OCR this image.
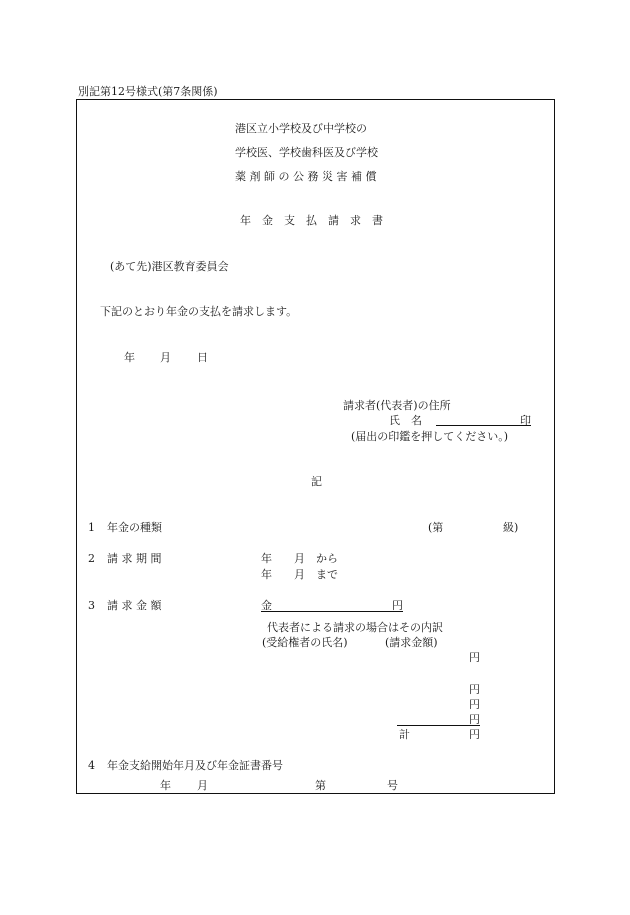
別記第12号様式(第7条関係)
港区立小学校及び中学校の
学校医、学校歯科医及び学校
薬 剤 師 の 公 務 災 害 補 償
年　金　支　払　請　求　書
(あて先)港区教育委員会
下記のとおり年金の支払を請求します。
年 月 日
請求者(代表者)の住所
氏　名	印
(届出の印鑑を押してください。)
記
1 年金の種類	(第	級)
2 請 求 期 間	年　　月　から
年　　月　まで
3 請 求 金 額	金	円
代表者による請求の場合はその内訳
(受給権者の氏名)	(請求金額)
円
円
円
円
計	円
4 年金支給開始年月及び年金証書番号
年 月	第	号
